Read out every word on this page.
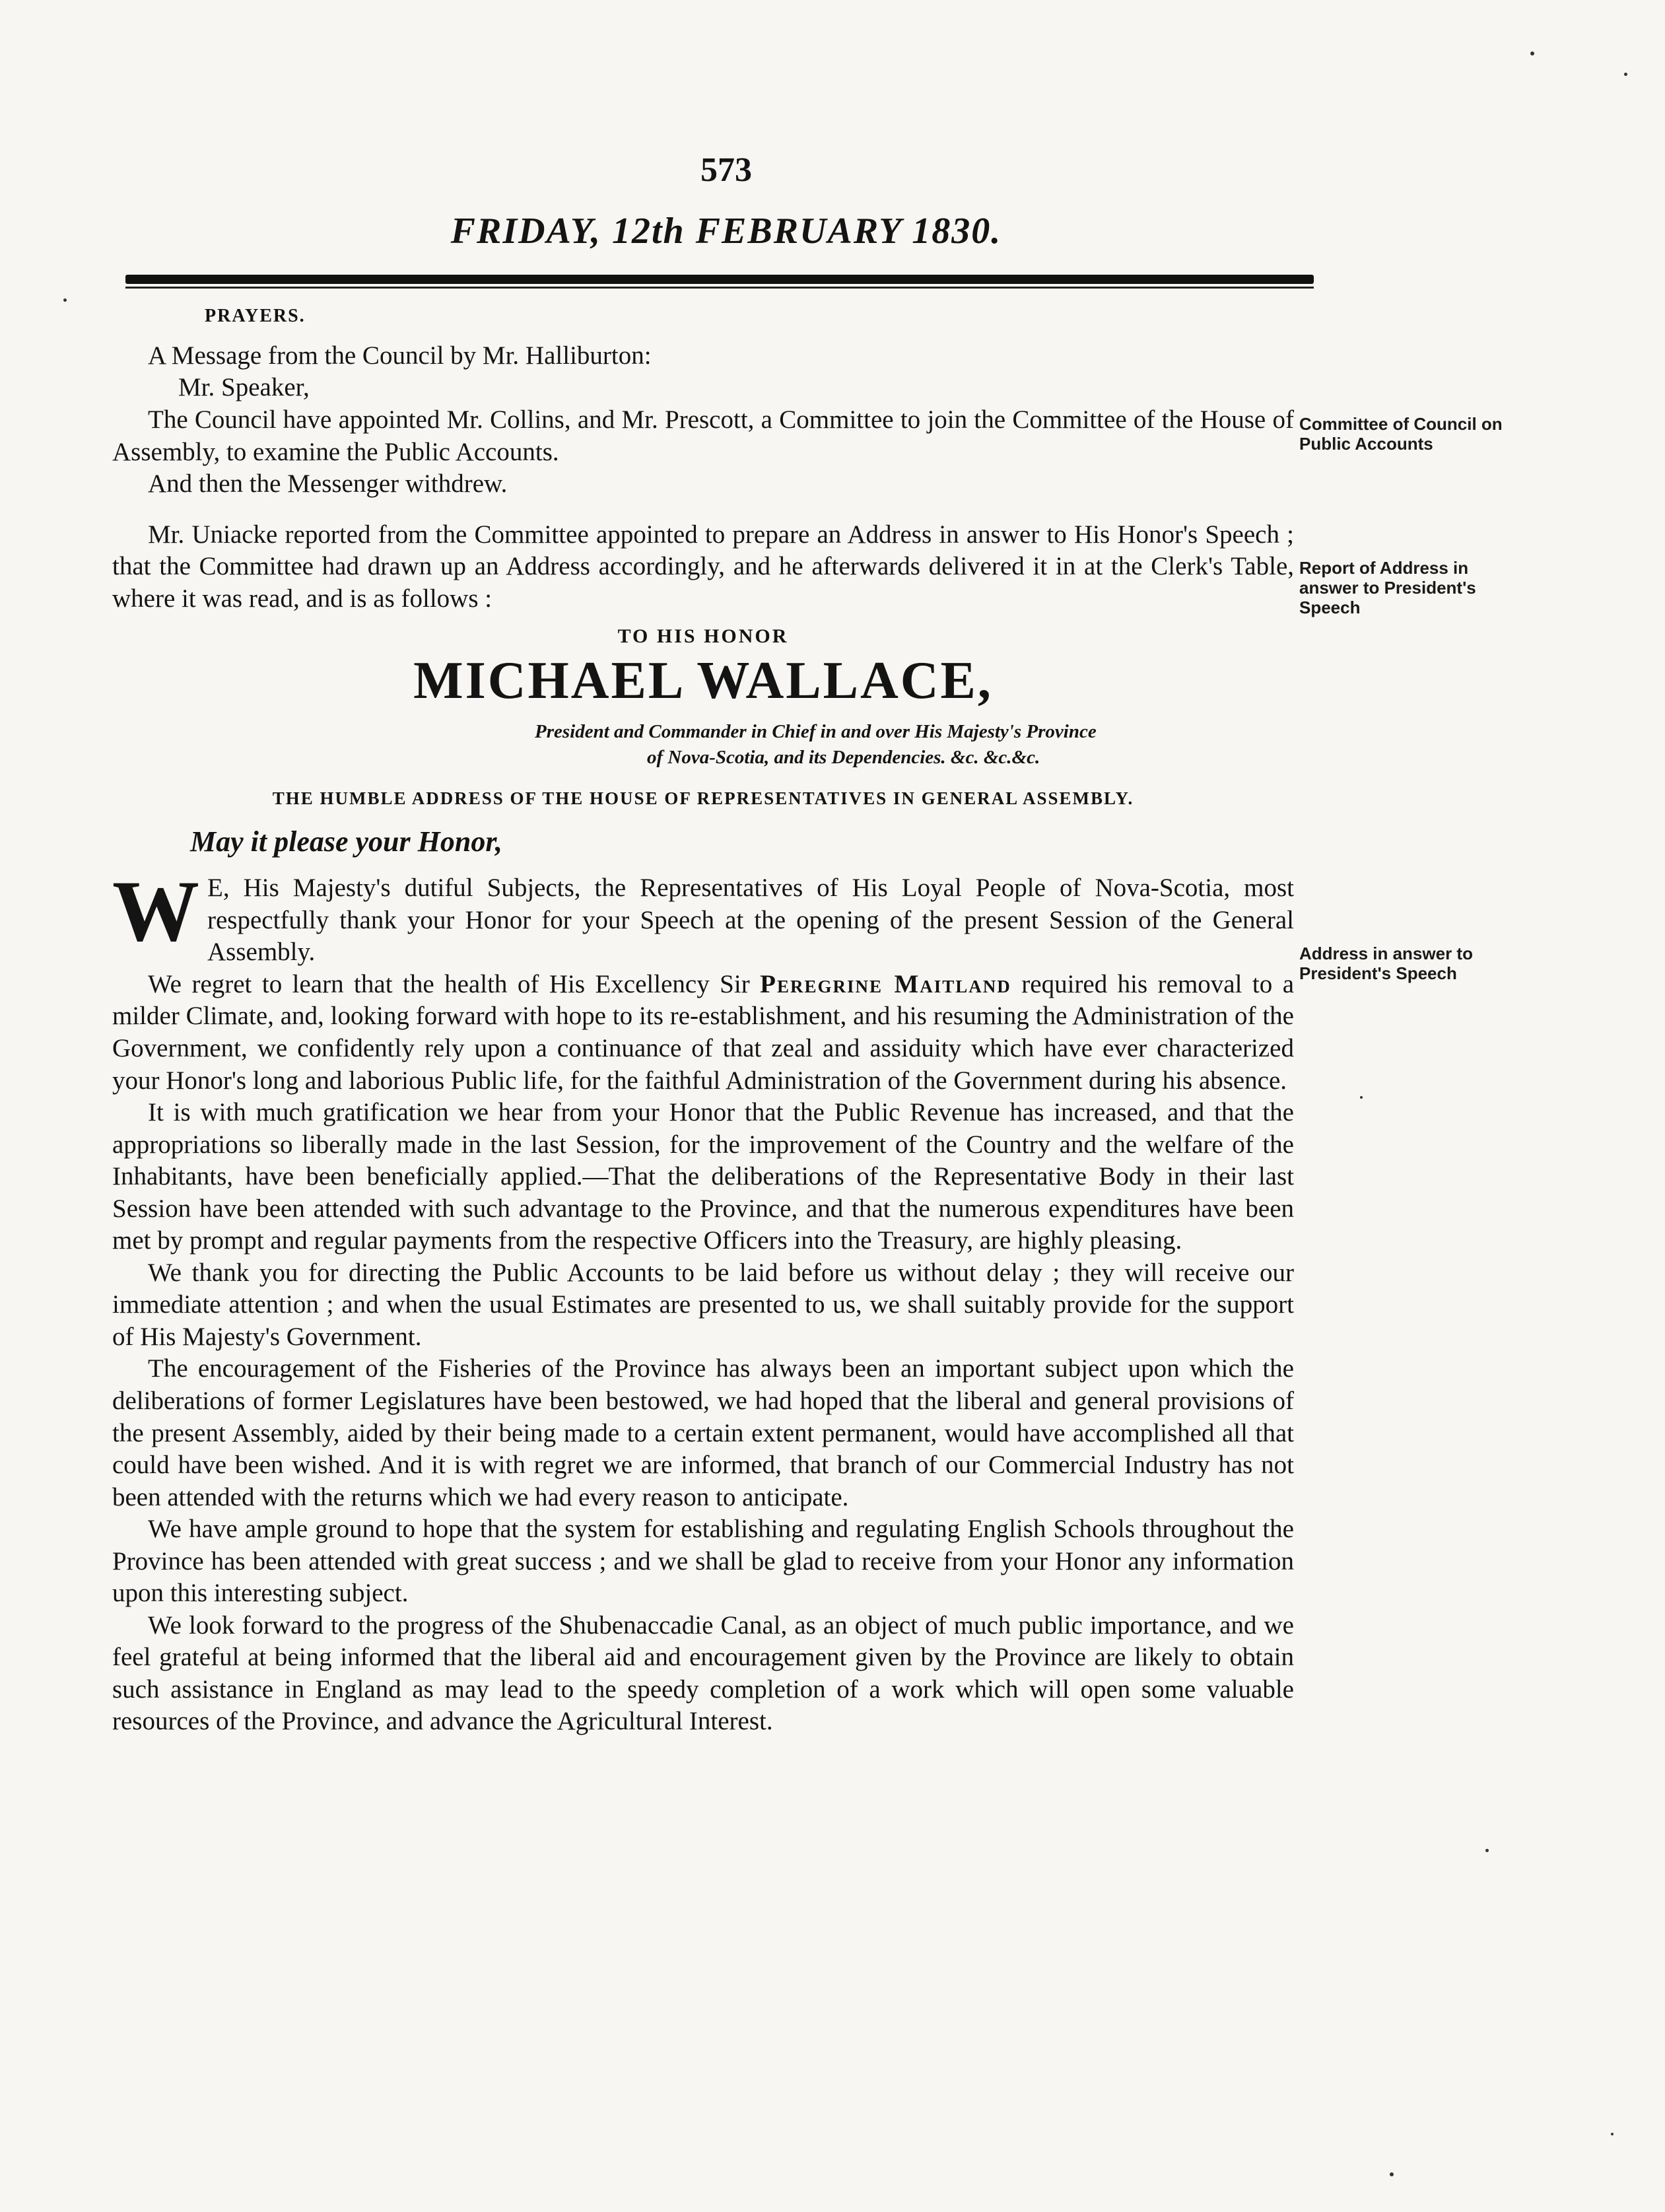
573
FRIDAY, 12th FEBRUARY 1830.
PRAYERS.

A Message from the Council by Mr. Halliburton:

Mr. Speaker,

The Council have appointed Mr. Collins, and Mr. Prescott, a Committee to join the Committee of the House of Assembly, to examine the Public Accounts.

And then the Messenger withdrew.

Mr. Uniacke reported from the Committee appointed to prepare an Address in answer to His Honor's Speech ; that the Committee had drawn up an Address accordingly, and he afterwards delivered it in at the Clerk's Table, where it was read, and is as follows :

TO HIS HONOR
MICHAEL WALLACE,
President and Commander in Chief in and over His Majesty's Province
of Nova-Scotia, and its Dependencies. &c. &c.&c.
THE HUMBLE ADDRESS OF THE HOUSE OF REPRESENTATIVES IN GENERAL ASSEMBLY.
May it please your Honor,

W E, His Majesty's dutiful Subjects, the Representatives of His Loyal People of Nova-Scotia, most respectfully thank your Honor for your Speech at the opening of the present Session of the General Assembly.

We regret to learn that the health of His Excellency Sir Peregrine Maitland required his removal to a milder Climate, and, looking forward with hope to its re-establishment, and his resuming the Administration of the Government, we confidently rely upon a continuance of that zeal and assiduity which have ever characterized your Honor's long and laborious Public life, for the faithful Administration of the Government during his absence.

It is with much gratification we hear from your Honor that the Public Revenue has increased, and that the appropriations so liberally made in the last Session, for the improvement of the Country and the welfare of the Inhabitants, have been beneficially applied.—That the deliberations of the Representative Body in their last Session have been attended with such advantage to the Province, and that the numerous expenditures have been met by prompt and regular payments from the respective Officers into the Treasury, are highly pleasing.

We thank you for directing the Public Accounts to be laid before us without delay ; they will receive our immediate attention ; and when the usual Estimates are presented to us, we shall suitably provide for the support of His Majesty's Government.

The encouragement of the Fisheries of the Province has always been an important subject upon which the deliberations of former Legislatures have been bestowed, we had hoped that the liberal and general provisions of the present Assembly, aided by their being made to a certain extent permanent, would have accomplished all that could have been wished. And it is with regret we are informed, that branch of our Commercial Industry has not been attended with the returns which we had every reason to anticipate.

We have ample ground to hope that the system for establishing and regulating English Schools throughout the Province has been attended with great success ; and we shall be glad to receive from your Honor any information upon this interesting subject.

We look forward to the progress of the Shubenaccadie Canal, as an object of much public importance, and we feel grateful at being informed that the liberal aid and encouragement given by the Province are likely to obtain such assistance in England as may lead to the speedy completion of a work which will open some valuable resources of the Province, and advance the Agricultural Interest.

Committee of Council on Public Accounts
Report of Address in answer to President's Speech
Address in answer to President's Speech
